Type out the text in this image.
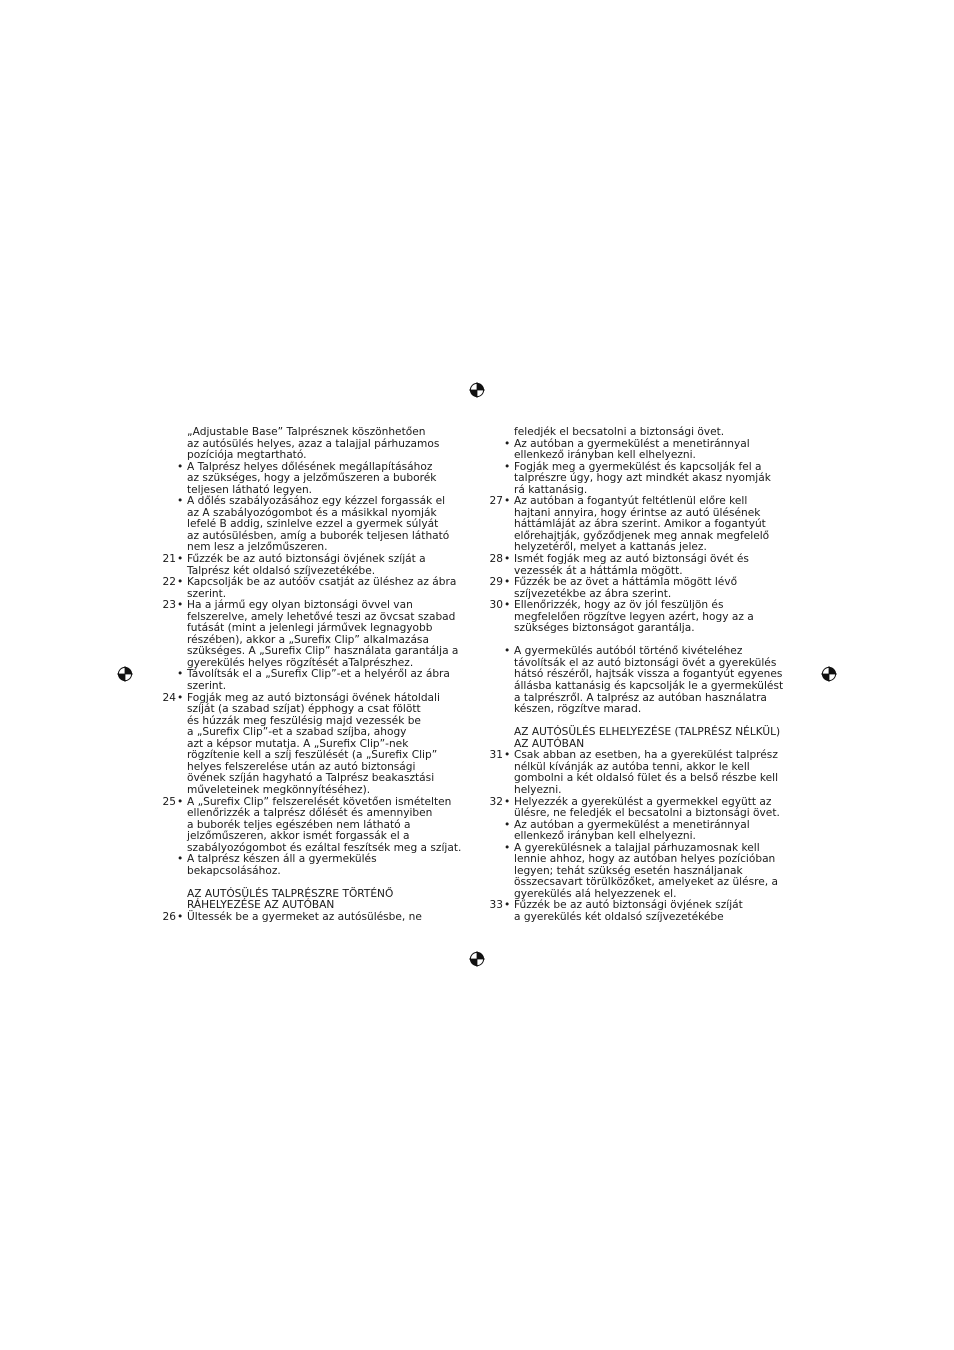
„Adjustable Base” Talprésznek köszönhetően
az autósülés helyes, azaz a talajjal párhuzamos
pozíciója megtartható.
• A Talprész helyes dőlésének megállapításához
az szükséges, hogy a jelzőműszeren a buborék
teljesen látható legyen.
• A dőlés szabályozásához egy kézzel forgassák el
az A szabályozógombot és a másikkal nyomják
lefelé B addig, szinlelve ezzel a gyermek súlyát
az autósülésben, amíg a buborék teljesen látható
nem lesz a jelzőműszeren.
21 • Fűzzék be az autó biztonsági övjének szíját a
Talprész két oldalsó szíjvezetékébe.
22 • Kapcsolják be az autóöv csatját az üléshez az ábra
szerint.
23 • Ha a jármű egy olyan biztonsági övvel van
felszerelve, amely lehetővé teszi az övcsat szabad
futását (mint a jelenlegi járművek legnagyobb
részében), akkor a „Surefix Clip” alkalmazása
szükséges. A „Surefix Clip” használata garantálja a
gyerekülés helyes rögzítését aTalprészhez.
• Távolítsák el a „Surefix Clip”-et a helyéről az ábra
szerint.
24 • Fogják meg az autó biztonsági övének hátoldali
szíját (a szabad szíjat) épphogy a csat fölött
és húzzák meg feszülésig majd vezessék be
a „Surefix Clip”-et a szabad szíjba, ahogy
azt a képsor mutatja. A „Surefix Clip”-nek
rögzítenie kell a szíj feszülését (a „Surefix Clip”
helyes felszerelése után az autó biztonsági
övének szíján hagyható a Talprész beakasztási
műveleteinek megkönnyítéséhez).
25 • A „Surefix Clip” felszerelését követően ismételten
ellenőrizzék a talprész dőlését és amennyiben
a buborék teljes egészében nem látható a
jelzőműszeren, akkor ismét forgassák el a
szabályozógombot és ezáltal feszítsék meg a szíjat.
• A talprész készen áll a gyermekülés
bekapcsolásához.
AZ AUTÓSÜLÉS TALPRÉSZRE TÖRTÉNŐ
RÁHELYEZÉSE AZ AUTÓBAN
26 • Ültessék be a gyermeket az autósülésbe, ne
feledjék el becsatolni a biztonsági övet.
• Az autóban a gyermekülést a menetiránnyal
ellenkező irányban kell elhelyezni.
• Fogják meg a gyermekülést és kapcsolják fel a
talprészre úgy, hogy azt mindkét akasz nyomják
rá kattanásig.
27 • Az autóban a fogantyút feltétlenül előre kell
hajtani annyira, hogy érintse az autó ülésének
háttámláját az ábra szerint. Amikor a fogantyút
előrehajtják, győződjenek meg annak megfelelő
helyzetéről, melyet a kattanás jelez.
28 • Ismét fogják meg az autó biztonsági övét és
vezessék át a háttámla mögött.
29 • Fűzzék be az övet a háttámla mögött lévő
szíjvezetékbe az ábra szerint.
30 • Ellenőrizzék, hogy az öv jól feszüljön és
megfelelően rögzítve legyen azért, hogy az a
szükséges biztonságot garantálja.
• A gyermekülés autóból történő kivételéhez
távolítsák el az autó biztonsági övét a gyerekülés
hátsó részéről, hajtsák vissza a fogantyút egyenes
állásba kattanásig és kapcsolják le a gyermekülést
a talprészről. A talprész az autóban használatra
készen, rögzítve marad.
AZ AUTÓSÜLÉS ELHELYEZÉSE (TALPRÉSZ NÉLKÜL)
AZ AUTÓBAN
31 • Csak abban az esetben, ha a gyerekülést talprész
nélkül kívánják az autóba tenni, akkor le kell
gombolni a két oldalsó fület és a belső részbe kell
helyezni.
32 • Helyezzék a gyerekülést a gyermekkel együtt az
ülésre, ne feledjék el becsatolni a biztonsági övet.
• Az autóban a gyermekülést a menetiránnyal
ellenkező irányban kell elhelyezni.
• A gyerekülésnek a talajjal párhuzamosnak kell
lennie ahhoz, hogy az autóban helyes pozícióban
legyen; tehát szükség esetén használjanak
összecsavart törülközőket, amelyeket az ülésre, a
gyerekülés alá helyezzenek el.
33 • Fűzzék be az autó biztonsági övjének szíját
a gyerekülés két oldalsó szíjvezetékébe
